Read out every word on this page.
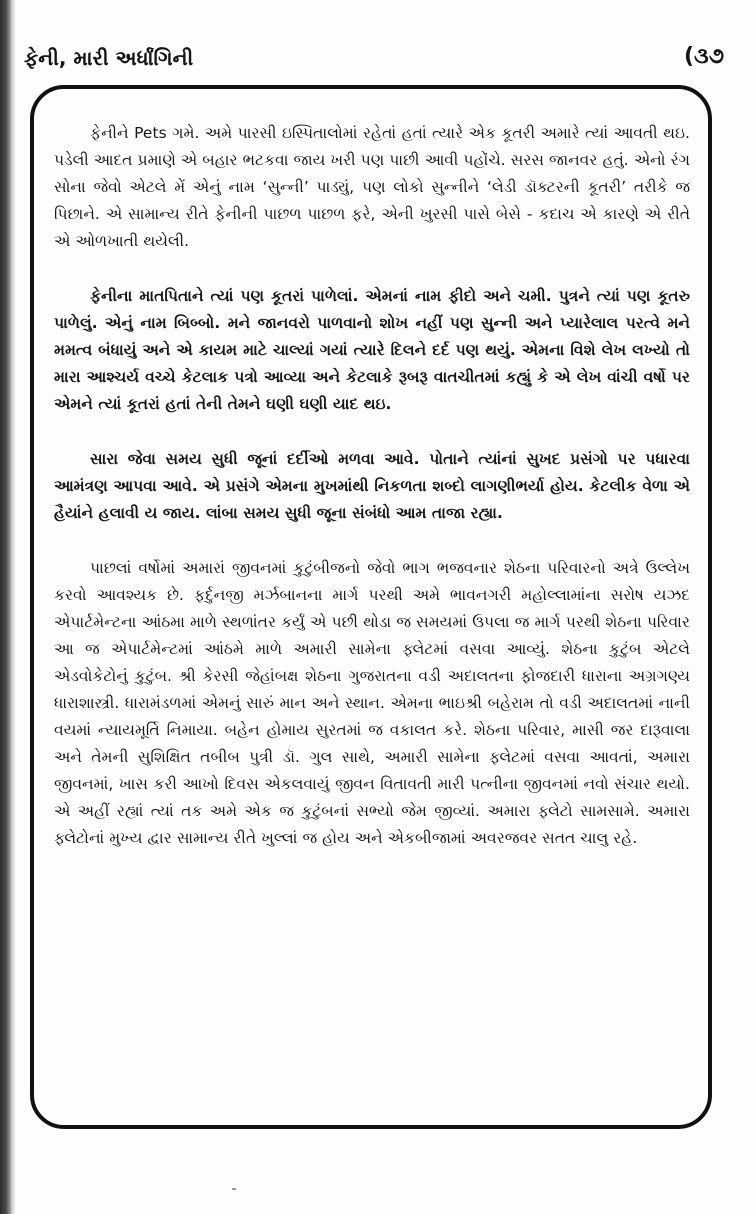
ફેની, મારી અર્ધાંગિની	(૩૭

ફેનીને Pets ગમે. અમે પારસી ઇસ્પિતાલોમાં રહેતાં હતાં ત્યારે એક કૂતરી અમારે ત્યાં આવતી થઇ. પડેલી આદત પ્રમાણે એ બહાર ભટકવા જાય ખરી પણ પાછી આવી પહોંચે. સરસ જાનવર હતું. એનો રંગ સોના જેવો એટલે મેં એનું નામ ‘સુન્ની’ પાડ્યું, પણ લોકો સુન્નીને ‘લેડી ડૉક્ટરની કૂતરી’ તરીકે જ પિછાને. એ સામાન્ય રીતે ફેનીની પાછળ પાછળ ફરે, એની ખુરસી પાસે બેસે - કદાચ એ કારણે એ રીતે એ ઓળખાતી થયેલી.

ફેનીના માતપિતાને ત્યાં પણ કૂતરાં પાળેલાં. એમનાં નામ ફીદો અને ચમી. પુત્રને ત્યાં પણ કૂતરુ પાળેલું. એનું નામ બિબ્બો. મને જાનવરો પાળવાનો શોખ નહીં પણ સુન્ની અને પ્યારેલાલ પરત્વે મને મમત્વ બંધાયું અને એ કાયમ માટે ચાલ્યાં ગયાં ત્યારે દિલને દર્દ પણ થયું. એમના વિશે લેખ લખ્યો તો મારા આશ્ચર્ય વચ્ચે કેટલાક પત્રો આવ્યા અને કેટલાકે રૂબરૂ વાતચીતમાં કહ્યું કે એ લેખ વાંચી વર્ષો પર એમને ત્યાં કૂતરાં હતાં તેની તેમને ઘણી ઘણી યાદ થઇ.

સારા જેવા સમય સુધી જૂનાં દર્દીઓ મળવા આવે. પોતાને ત્યાંનાં સુખદ પ્રસંગો પર પધારવા આમંત્રણ આપવા આવે. એ પ્રસંગે એમના મુખમાંથી નિકળતા શબ્દો લાગણીભર્યા હોય. કેટલીક વેળા એ હૈયાંને હલાવી ય જાય. લાંબા સમય સુધી જૂના સંબંધો આમ તાજા રહ્યા.

પાછલાં વર્ષોમાં અમારાં જીવનમાં કુટુંબીજનો જેવો ભાગ ભજવનાર શેઠના પરિવારનો અત્રે ઉલ્લેખ કરવો આવશ્યક છે. ફર્દુનજી મર્ઝબાનના માર્ગ પરથી અમે ભાવનગરી મહોલ્લામાંના સરોષ યઝદ એપાર્ટમેન્ટના આંઠમા માળે સ્થળાંતર કર્યું એ પછી થોડા જ સમયમાં ઉપલા જ માર્ગ પરથી શેઠના પરિવાર આ જ એપાર્ટમેન્ટમાં આંઠમે માળે અમારી સામેના ફ્લેટમાં વસવા આવ્યું. શેઠના કુટુંબ એટલે એડવોકેટોનું કુટુંબ. શ્રી કેરસી જેહાંબક્ષ શેઠના ગુજરાતના વડી અદાલતના ફોજદારી ધારાના અગ્રગણ્ય ધારાશાસ્ત્રી. ધારામંડળમાં એમનું સારું માન અને સ્થાન. એમના ભાઇશ્રી બહેરામ તો વડી અદાલતમાં નાની વયમાં ન્યાયમૂર્તિ નિમાયા. બહેન હોમાય સુરતમાં જ વકાલત કરે. શેઠના પરિવાર, માસી જર દારૂવાલા અને તેમની સુશિક્ષિત તબીબ પુત્રી ડૉ. ગુલ સાથે, અમારી સામેના ફ્લેટમાં વસવા આવતાં, અમારા જીવનમાં, ખાસ કરી આખો દિવસ એકલવાયું જીવન વિતાવતી મારી પત્નીના જીવનમાં નવો સંચાર થયો. એ અહીં રહ્યાં ત્યાં તક અમે એક જ કુટુંબનાં સભ્યો જેમ જીવ્યાં. અમારા ફ્લેટો સામસામે. અમારા ફ્લેટોનાં મુખ્ય દ્વાર સામાન્ય રીતે ખુલ્લાં જ હોય અને એકબીજામાં અવરજવર સતત ચાલુ રહે.
